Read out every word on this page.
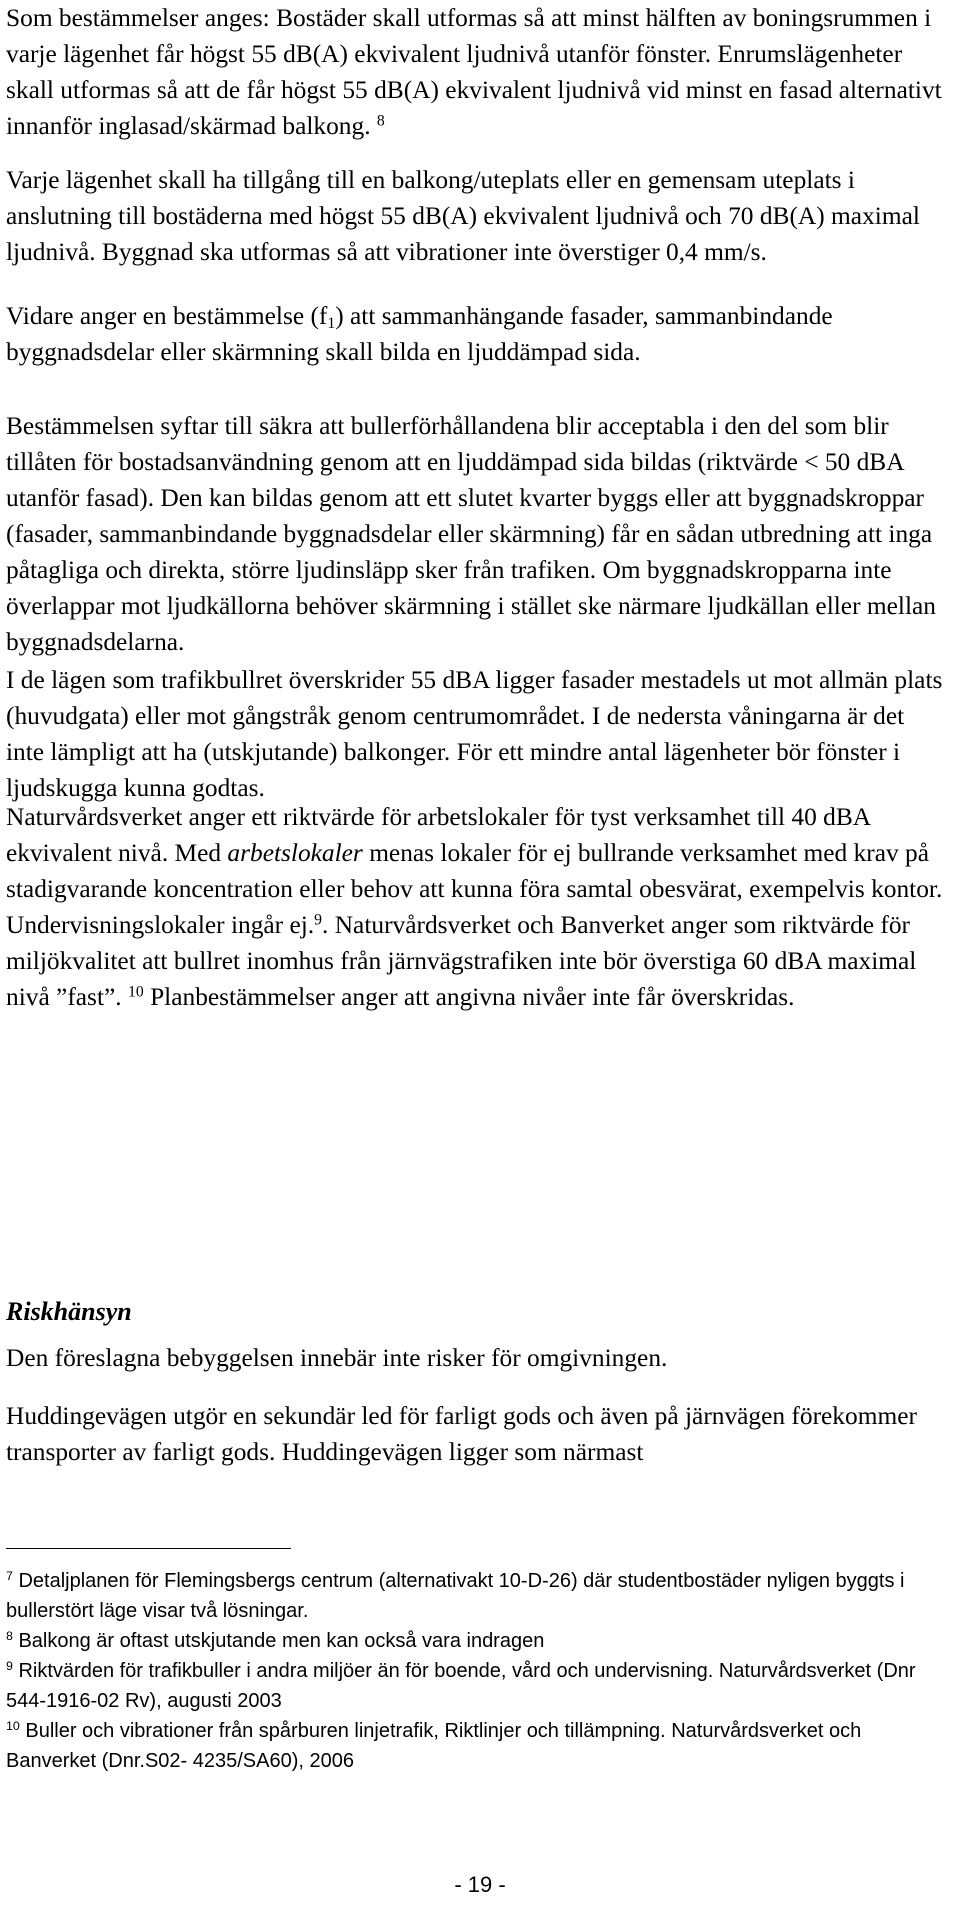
Som bestämmelser anges: Bostäder skall utformas så att minst hälften av boningsrummen i varje lägenhet får högst 55 dB(A) ekvivalent ljudnivå utanför fönster. Enrumslägenheter skall utformas så att de får högst 55 dB(A) ekvivalent ljudnivå vid minst en fasad alternativt innanför inglasad/skärmad balkong. $^8$

Varje lägenhet skall ha tillgång till en balkong/uteplats eller en gemensam uteplats i anslutning till bostäderna med högst 55 dB(A) ekvivalent ljudnivå och 70 dB(A) maximal ljudnivå. Byggnad ska utformas så att vibrationer inte överstiger 0,4 mm/s.

Vidare anger en bestämmelse $(f_1)$ att sammanhängande fasader, sammanbindande byggnadsdelar eller skärmning skall bilda en ljuddämpad sida.

Bestämmelsen syftar till säkra att bullerförhållandena blir acceptabla i den del som blir tillåten för bostadsanvändning genom att en ljuddämpad sida bildas (riktvärde < 50 dBA utanför fasad). Den kan bildas genom att ett slutet kvarter byggs eller att byggnadskroppar (fasader, sammanbindande byggnadsdelar eller skärmning) får en sådan utbredning att inga påtagliga och direkta, större ljudinsläpp sker från trafiken. Om byggnadskropparna inte överlappar mot ljudkällorna behöver skärmning i stället ske närmare ljudkällan eller mellan byggnadsdelarna.

I de lägen som trafikbullret överskrider 55 dBA ligger fasader mestadels ut mot allmän plats (huvudgata) eller mot gångstråk genom centrumområdet. I de nedersta våningarna är det inte lämpligt att ha (utskjutande) balkonger. För ett mindre antal lägenheter bör fönster i ljudskugga kunna godtas.

Naturvårdsverket anger ett riktvärde för arbetslokaler för tyst verksamhet till 40 dBA ekvivalent nivå. Med arbetslokaler menas lokaler för ej bullrande verksamhet med krav på stadigvarande koncentration eller behov att kunna föra samtal obesvärat, exempelvis kontor. Undervisningslokaler ingår ej.$^9$. Naturvårdsverket och Banverket anger som riktvärde för miljökvalitet att bullret inomhus från järnvägstrafiken inte bör överstiga 60 dBA maximal nivå ”fast”. $^{10}$ Planbestämmelser anger att angivna nivåer inte får överskridas.

Riskhänsyn

Den föreslagna bebyggelsen innebär inte risker för omgivningen.

Huddingevägen utgör en sekundär led för farligt gods och även på järnvägen förekommer transporter av farligt gods. Huddingevägen ligger som närmast

$^7$ Detaljplanen för Flemingsbergs centrum (alternativakt 10-D-26) där studentbostäder nyligen byggts i bullerstört läge visar två lösningar.

$^8$ Balkong är oftast utskjutande men kan också vara indragen

$^9$ Riktvärden för trafikbuller i andra miljöer än för boende, vård och undervisning. Naturvårdsverket (Dnr 544-1916-02 Rv), augusti 2003

$^{10}$ Buller och vibrationer från spårburen linjetrafik, Riktlinjer och tillämpning. Naturvårdsverket och Banverket (Dnr.S02- 4235/SA60), 2006

- 19 -
